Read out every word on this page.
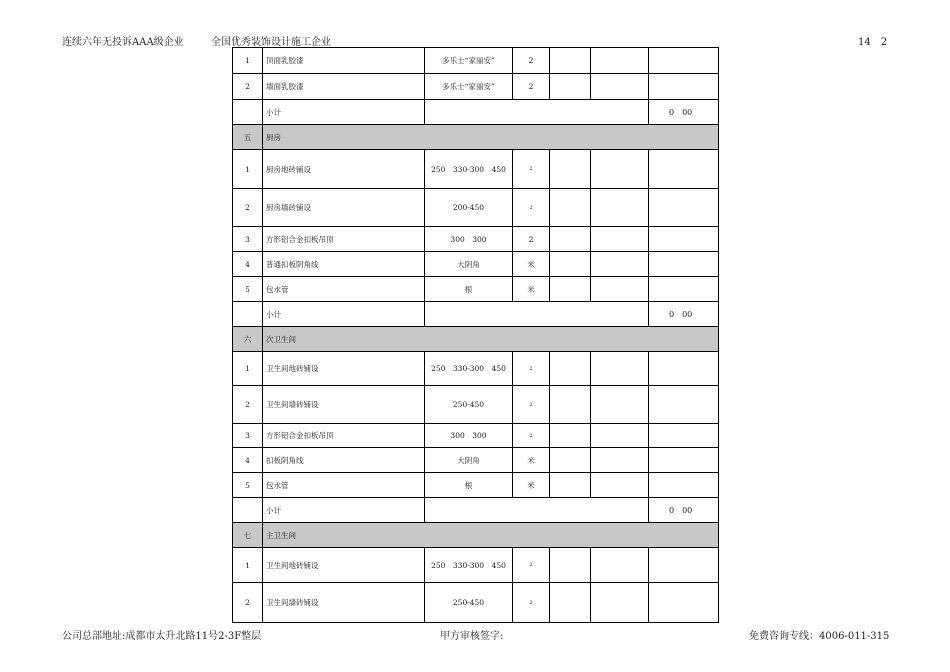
连续六年无投诉AAA级企业	全国优秀装饰设计施工企业	14　2
1	顶面乳胶漆	多乐士“家丽安”	2			
2	墙面乳胶漆	多乐士“家丽安”	2			
	小计					0　00
五	厨房					
1	厨房地砖铺设	250　330-300　450	2			
2	厨房墙砖铺设	200-450	2			
3	方形铝合金扣板吊顶	300　300	2			
4	普通扣板阴角线	大阴角	米			
5	包水管	根	米			
	小计					0　00
六	次卫生间					
1	卫生间地砖铺设	250　330-300　450	2			
2	卫生间墙砖铺设	250-450	2			
3	方形铝合金扣板吊顶	300　300	2			
4	扣板阴角线	大阴角	米			
5	包水管	根	米			
	小计					0　00
七	主卫生间					
1	卫生间地砖铺设	250　330-300　450	2			
2	卫生间墙砖铺设	250-450	2			
公司总部地址:成都市太升北路11号2-3F整层	甲方审核签字:	免费咨询专线：4006-011-315
